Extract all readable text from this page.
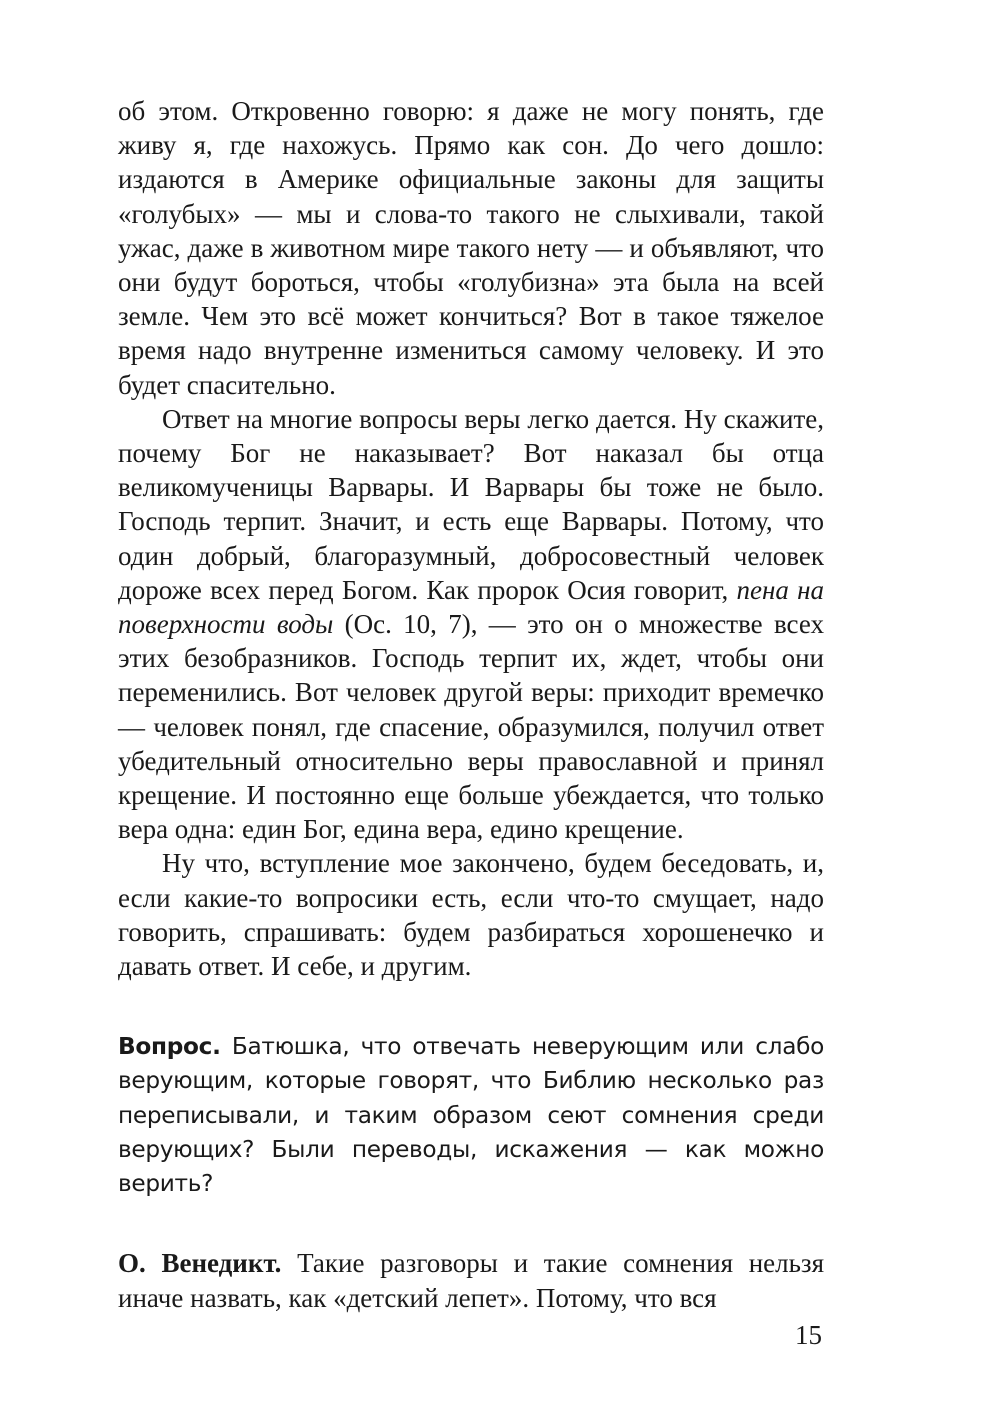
об этом. Откровенно говорю: я даже не могу понять, где живу я, где нахожусь. Прямо как сон. До чего дошло: издаются в Америке официальные законы для защиты «голубых» — мы и слова-то такого не слыхивали, такой ужас, даже в животном мире такого нету — и объявляют, что они будут бороться, чтобы «голубизна» эта была на всей земле. Чем это всё может кончиться? Вот в такое тяжелое время надо внутренне измениться самому человеку. И это будет спасительно.

Ответ на многие вопросы веры легко дается. Ну скажите, почему Бог не наказывает? Вот наказал бы отца великомученицы Варвары. И Варвары бы тоже не было. Господь терпит. Значит, и есть еще Варвары. Потому, что один добрый, благоразумный, добросовестный человек дороже всех перед Богом. Как пророк Осия говорит, пена на поверхности воды (Ос. 10, 7), — это он о множестве всех этих безобразников. Господь терпит их, ждет, чтобы они переменились. Вот человек другой веры: приходит времечко — человек понял, где спасение, образумился, получил ответ убедительный относительно веры православной и принял крещение. И постоянно еще больше убеждается, что только вера одна: един Бог, едина вера, едино крещение.

Ну что, вступление мое закончено, будем беседовать, и, если какие-то вопросики есть, если что-то смущает, надо говорить, спрашивать: будем разбираться хорошенечко и давать ответ. И себе, и другим.

Вопрос. Батюшка, что отвечать неверующим или слабо верующим, которые говорят, что Библию несколько раз переписывали, и таким образом сеют сомнения среди верующих? Были переводы, искажения — как можно верить?

О. Венедикт. Такие разговоры и такие сомнения нельзя иначе назвать, как «детский лепет». Потому, что вся

15
